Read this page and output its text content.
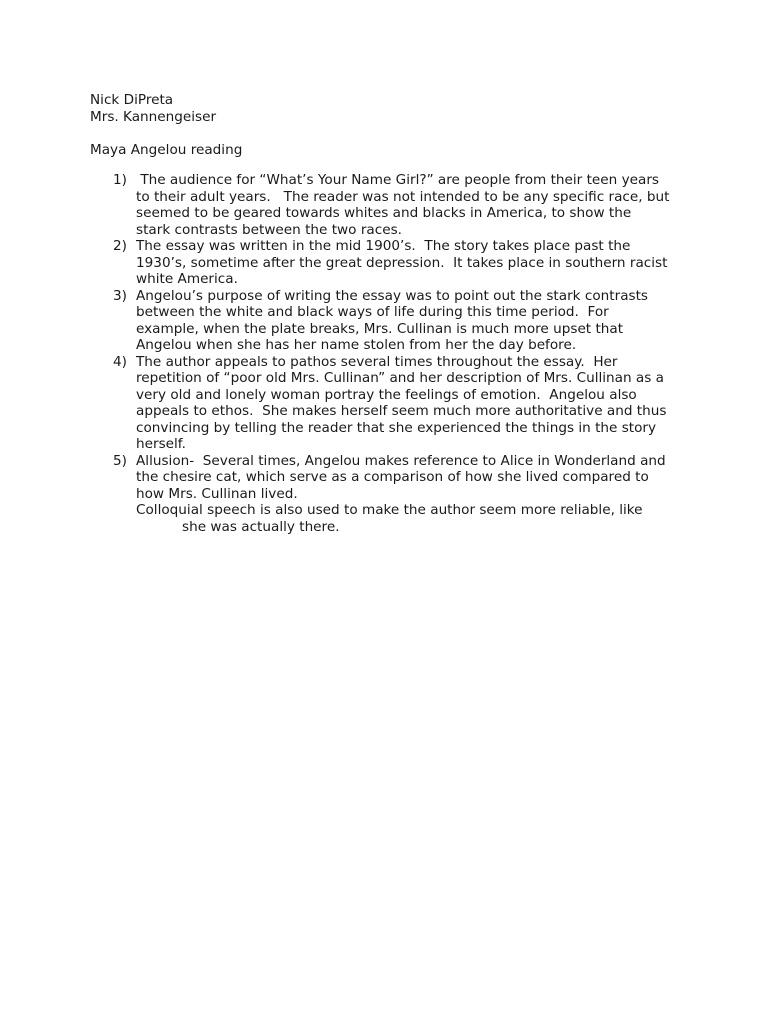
Nick DiPreta
Mrs. Kannengeiser
Maya Angelou reading
1) The audience for “What’s Your Name Girl?” are people from their teen years
to their adult years.   The reader was not intended to be any specific race, but
seemed to be geared towards whites and blacks in America, to show the
stark contrasts between the two races.
2) The essay was written in the mid 1900’s.  The story takes place past the
1930’s, sometime after the great depression.  It takes place in southern racist
white America.
3) Angelou’s purpose of writing the essay was to point out the stark contrasts
between the white and black ways of life during this time period.  For
example, when the plate breaks, Mrs. Cullinan is much more upset that
Angelou when she has her name stolen from her the day before.
4) The author appeals to pathos several times throughout the essay.  Her
repetition of “poor old Mrs. Cullinan” and her description of Mrs. Cullinan as a
very old and lonely woman portray the feelings of emotion.  Angelou also
appeals to ethos.  She makes herself seem much more authoritative and thus
convincing by telling the reader that she experienced the things in the story
herself.
5) Allusion-  Several times, Angelou makes reference to Alice in Wonderland and
the chesire cat, which serve as a comparison of how she lived compared to
how Mrs. Cullinan lived.
Colloquial speech is also used to make the author seem more reliable, like
she was actually there.
